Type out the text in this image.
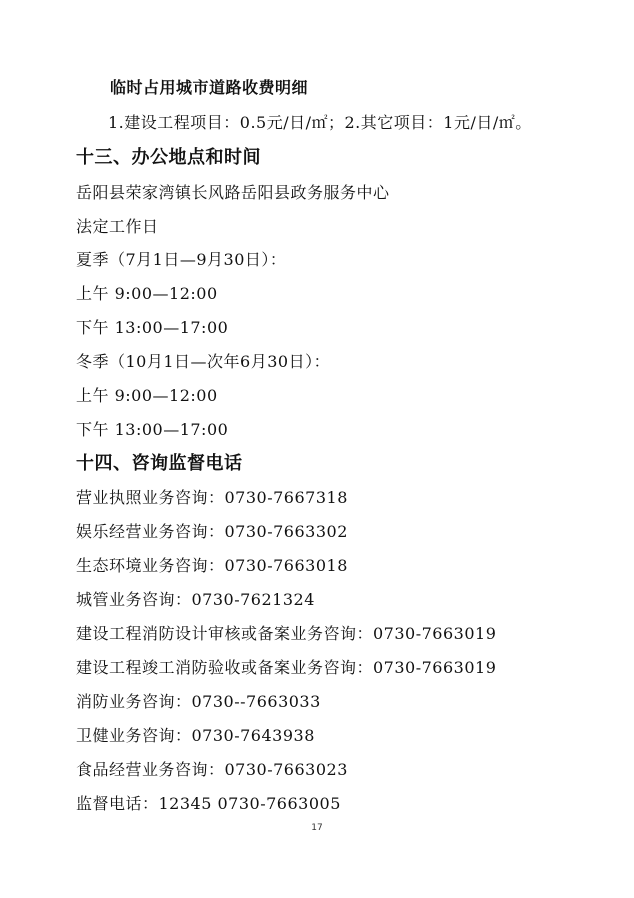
临时占用城市道路收费明细
1.建设工程项目：0.5元/日/㎡；2.其它项目：1元/日/㎡。
十三、办公地点和时间
岳阳县荣家湾镇长风路岳阳县政务服务中心
法定工作日
夏季（7月1日—9月30日）：
上午 9:00—12:00
下午 13:00—17:00
冬季（10月1日—次年6月30日）：
上午 9:00—12:00
下午 13:00—17:00
十四、咨询监督电话
营业执照业务咨询：0730-7667318
娱乐经营业务咨询：0730-7663302
生态环境业务咨询：0730-7663018
城管业务咨询：0730-7621324
建设工程消防设计审核或备案业务咨询：0730-7663019
建设工程竣工消防验收或备案业务咨询：0730-7663019
消防业务咨询：0730--7663033
卫健业务咨询：0730-7643938
食品经营业务咨询：0730-7663023
监督电话：12345 0730-7663005
17
